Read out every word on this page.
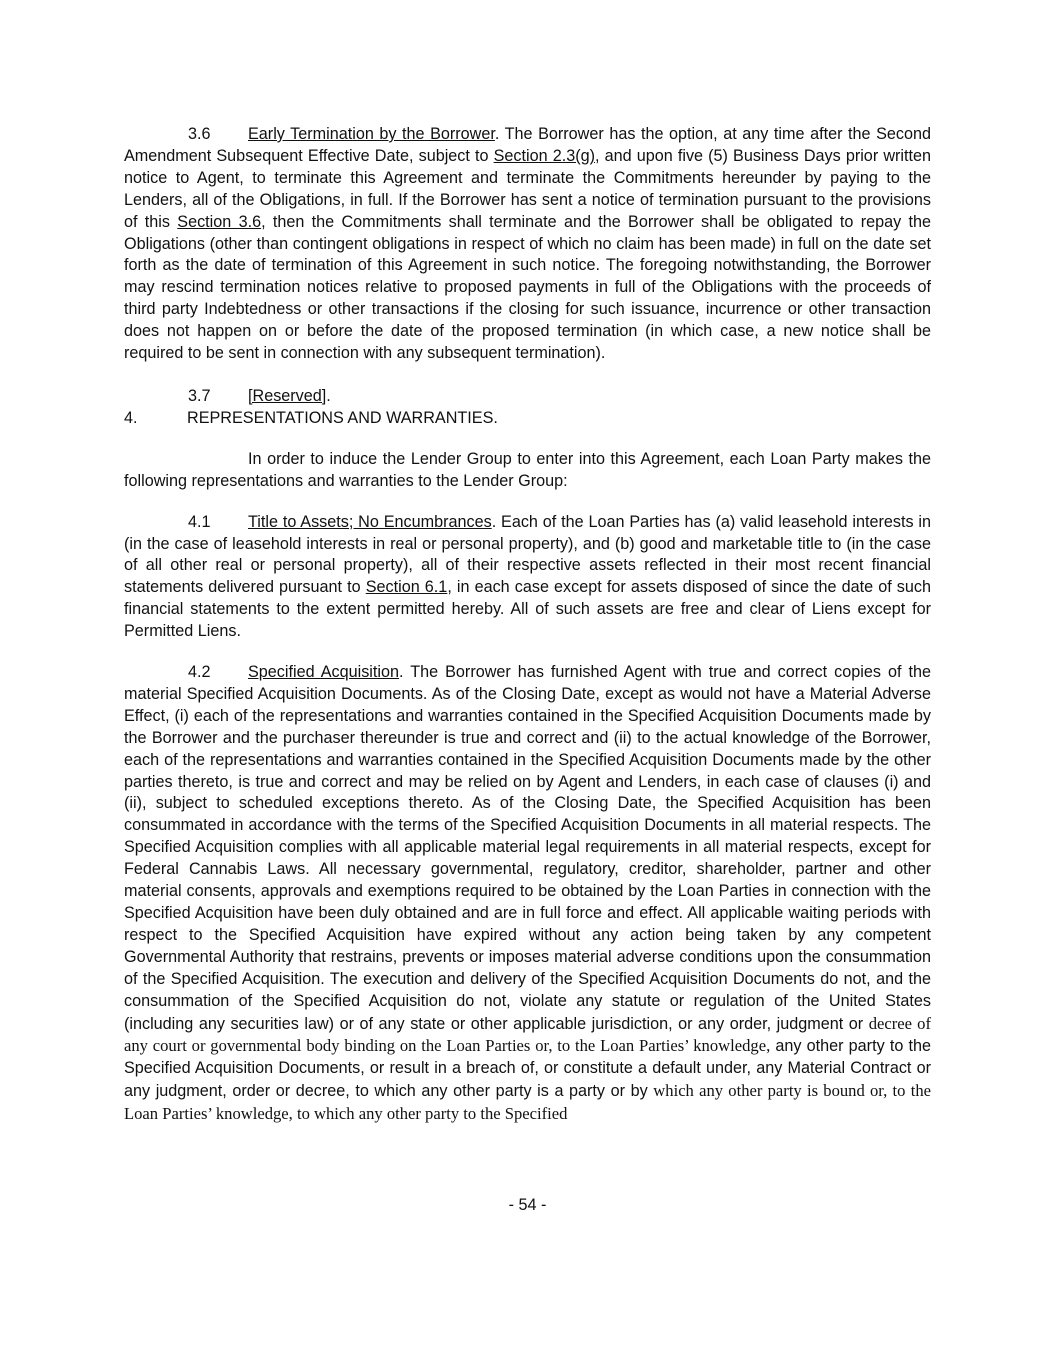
3.6 Early Termination by the Borrower. The Borrower has the option, at any time after the Second Amendment Subsequent Effective Date, subject to Section 2.3(g), and upon five (5) Business Days prior written notice to Agent, to terminate this Agreement and terminate the Commitments hereunder by paying to the Lenders, all of the Obligations, in full. If the Borrower has sent a notice of termination pursuant to the provisions of this Section 3.6, then the Commitments shall terminate and the Borrower shall be obligated to repay the Obligations (other than contingent obligations in respect of which no claim has been made) in full on the date set forth as the date of termination of this Agreement in such notice. The foregoing notwithstanding, the Borrower may rescind termination notices relative to proposed payments in full of the Obligations with the proceeds of third party Indebtedness or other transactions if the closing for such issuance, incurrence or other transaction does not happen on or before the date of the proposed termination (in which case, a new notice shall be required to be sent in connection with any subsequent termination).

3.7 [Reserved].

4.	REPRESENTATIONS AND WARRANTIES.

In order to induce the Lender Group to enter into this Agreement, each Loan Party makes the following representations and warranties to the Lender Group:

4.1 Title to Assets; No Encumbrances. Each of the Loan Parties has (a) valid leasehold interests in (in the case of leasehold interests in real or personal property), and (b) good and marketable title to (in the case of all other real or personal property), all of their respective assets reflected in their most recent financial statements delivered pursuant to Section 6.1, in each case except for assets disposed of since the date of such financial statements to the extent permitted hereby. All of such assets are free and clear of Liens except for Permitted Liens.

4.2 Specified Acquisition. The Borrower has furnished Agent with true and correct copies of the material Specified Acquisition Documents. As of the Closing Date, except as would not have a Material Adverse Effect, (i) each of the representations and warranties contained in the Specified Acquisition Documents made by the Borrower and the purchaser thereunder is true and correct and (ii) to the actual knowledge of the Borrower, each of the representations and warranties contained in the Specified Acquisition Documents made by the other parties thereto, is true and correct and may be relied on by Agent and Lenders, in each case of clauses (i) and (ii), subject to scheduled exceptions thereto. As of the Closing Date, the Specified Acquisition has been consummated in accordance with the terms of the Specified Acquisition Documents in all material respects. The Specified Acquisition complies with all applicable material legal requirements in all material respects, except for Federal Cannabis Laws. All necessary governmental, regulatory, creditor, shareholder, partner and other material consents, approvals and exemptions required to be obtained by the Loan Parties in connection with the Specified Acquisition have been duly obtained and are in full force and effect. All applicable waiting periods with respect to the Specified Acquisition have expired without any action being taken by any competent Governmental Authority that restrains, prevents or imposes material adverse conditions upon the consummation of the Specified Acquisition. The execution and delivery of the Specified Acquisition Documents do not, and the consummation of the Specified Acquisition do not, violate any statute or regulation of the United States (including any securities law) or of any state or other applicable jurisdiction, or any order, judgment or decree of any court or governmental body binding on the Loan Parties or, to the Loan Parties’ knowledge, any other party to the Specified Acquisition Documents, or result in a breach of, or constitute a default under, any Material Contract or any judgment, order or decree, to which any other party is a party or by which any other party is bound or, to the Loan Parties’ knowledge, to which any other party to the Specified

- 54 -
